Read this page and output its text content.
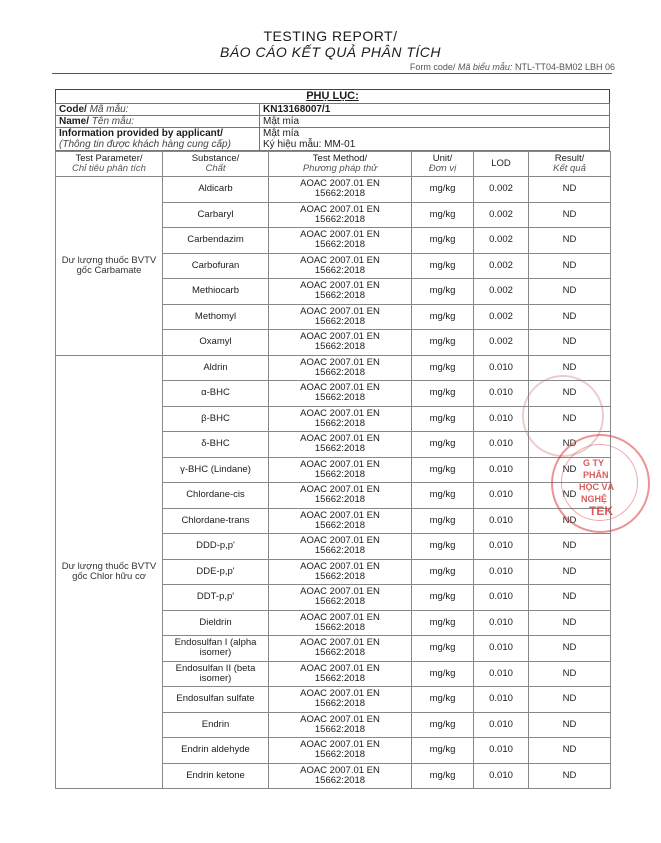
TESTING REPORT/
BÁO CÁO KẾT QUẢ PHÂN TÍCH
Form code/ Mã biểu mẫu: NTL-TT04-BM02 LBH 06
PHỤ LỤC:
Code/ Mã mẫu:	KN13168007/1
Name/ Tên mẫu:	Mật mía

Information provided by applicant/
(Thông tin được khách hàng cung cấp)	Mật mía
Ký hiệu mẫu: MM-01
Test Parameter/
Chỉ tiêu phân tích	Substance/
Chất	Test Method/
Phương pháp thử	Unit/
Đơn vị	LOD	Result/
Kết quả

Dư lượng thuốc BVTV gốc Carbamate	Aldicarb	AOAC 2007.01 EN
15662:2018	mg/kg	0.002	ND
	Carbaryl	AOAC 2007.01 EN
15662:2018	mg/kg	0.002	ND
	Carbendazim	AOAC 2007.01 EN
15662:2018	mg/kg	0.002	ND
	Carbofuran	AOAC 2007.01 EN
15662:2018	mg/kg	0.002	ND
	Methiocarb	AOAC 2007.01 EN
15662:2018	mg/kg	0.002	ND
	Methomyl	AOAC 2007.01 EN
15662:2018	mg/kg	0.002	ND
	Oxamyl	AOAC 2007.01 EN
15662:2018	mg/kg	0.002	ND
Dư lượng thuốc BVTV gốc Chlor hữu cơ	Aldrin	AOAC 2007.01 EN
15662:2018	mg/kg	0.010	ND
	α-BHC	AOAC 2007.01 EN
15662:2018	mg/kg	0.010	ND
	β-BHC	AOAC 2007.01 EN
15662:2018	mg/kg	0.010	ND
	δ-BHC	AOAC 2007.01 EN
15662:2018	mg/kg	0.010	ND
	γ-BHC (Lindane)	AOAC 2007.01 EN
15662:2018	mg/kg	0.010	ND
	Chlordane-cis	AOAC 2007.01 EN
15662:2018	mg/kg	0.010	ND
	Chlordane-trans	AOAC 2007.01 EN
15662:2018	mg/kg	0.010	ND
	DDD-p,p'	AOAC 2007.01 EN
15662:2018	mg/kg	0.010	ND
	DDE-p,p'	AOAC 2007.01 EN
15662:2018	mg/kg	0.010	ND
	DDT-p,p'	AOAC 2007.01 EN
15662:2018	mg/kg	0.010	ND
	Dieldrin	AOAC 2007.01 EN
15662:2018	mg/kg	0.010	ND
	Endosulfan I (alpha isomer)	AOAC 2007.01 EN
15662:2018	mg/kg	0.010	ND
	Endosulfan II (beta isomer)	AOAC 2007.01 EN
15662:2018	mg/kg	0.010	ND
	Endosulfan sulfate	AOAC 2007.01 EN
15662:2018	mg/kg	0.010	ND
	Endrin	AOAC 2007.01 EN
15662:2018	mg/kg	0.010	ND
	Endrin aldehyde	AOAC 2007.01 EN
15662:2018	mg/kg	0.010	ND
	Endrin ketone	AOAC 2007.01 EN
15662:2018	mg/kg	0.010	ND
G TY
PHÂN
HỌC VÀ
NGHỆ
TEK
